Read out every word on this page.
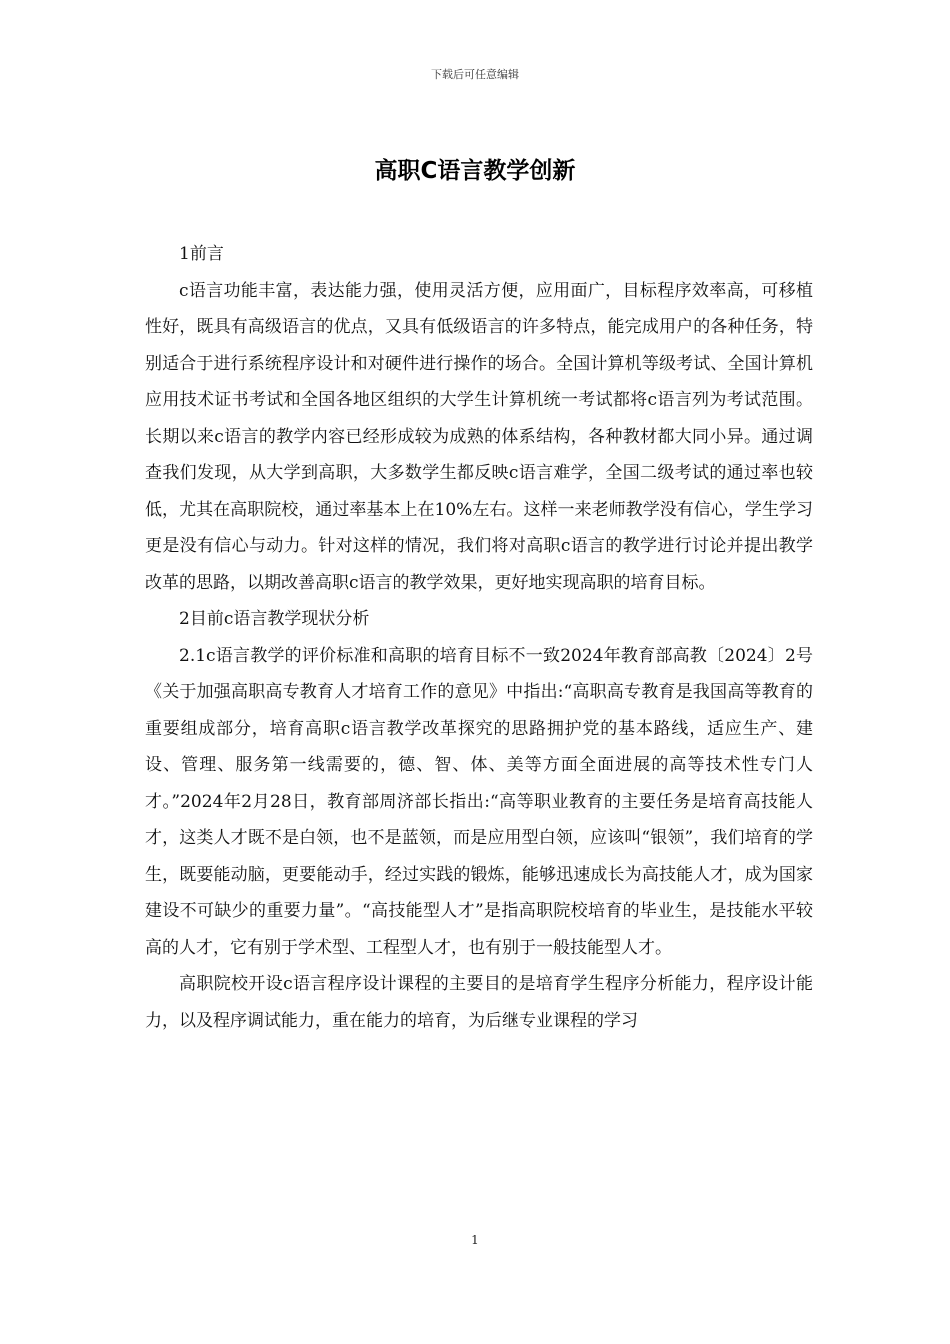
下载后可任意编辑
高职C语言教学创新

1前言

c语言功能丰富，表达能力强，使用灵活方便，应用面广，目标程序效率高，可移植性好，既具有高级语言的优点，又具有低级语言的许多特点，能完成用户的各种任务，特别适合于进行系统程序设计和对硬件进行操作的场合。全国计算机等级考试、全国计算机应用技术证书考试和全国各地区组织的大学生计算机统一考试都将c语言列为考试范围。长期以来c语言的教学内容已经形成较为成熟的体系结构，各种教材都大同小异。通过调查我们发现，从大学到高职，大多数学生都反映c语言难学，全国二级考试的通过率也较低，尤其在高职院校，通过率基本上在10%左右。这样一来老师教学没有信心，学生学习更是没有信心与动力。针对这样的情况，我们将对高职c语言的教学进行讨论并提出教学改革的思路，以期改善高职c语言的教学效果，更好地实现高职的培育目标。

2目前c语言教学现状分析

2.1c语言教学的评价标准和高职的培育目标不一致2024年教育部高教〔2024〕2号《关于加强高职高专教育人才培育工作的意见》中指出:“高职高专教育是我国高等教育的重要组成部分，培育高职c语言教学改革探究的思路拥护党的基本路线，适应生产、建设、管理、服务第一线需要的，德、智、体、美等方面全面进展的高等技术性专门人才。”2024年2月28日，教育部周济部长指出:“高等职业教育的主要任务是培育高技能人才，这类人才既不是白领，也不是蓝领，而是应用型白领，应该叫“银领”，我们培育的学生，既要能动脑，更要能动手，经过实践的锻炼，能够迅速成长为高技能人才，成为国家建设不可缺少的重要力量”。“高技能型人才”是指高职院校培育的毕业生，是技能水平较高的人才，它有别于学术型、工程型人才，也有别于一般技能型人才。

高职院校开设c语言程序设计课程的主要目的是培育学生程序分析能力，程序设计能力，以及程序调试能力，重在能力的培育，为后继专业课程的学习

1
